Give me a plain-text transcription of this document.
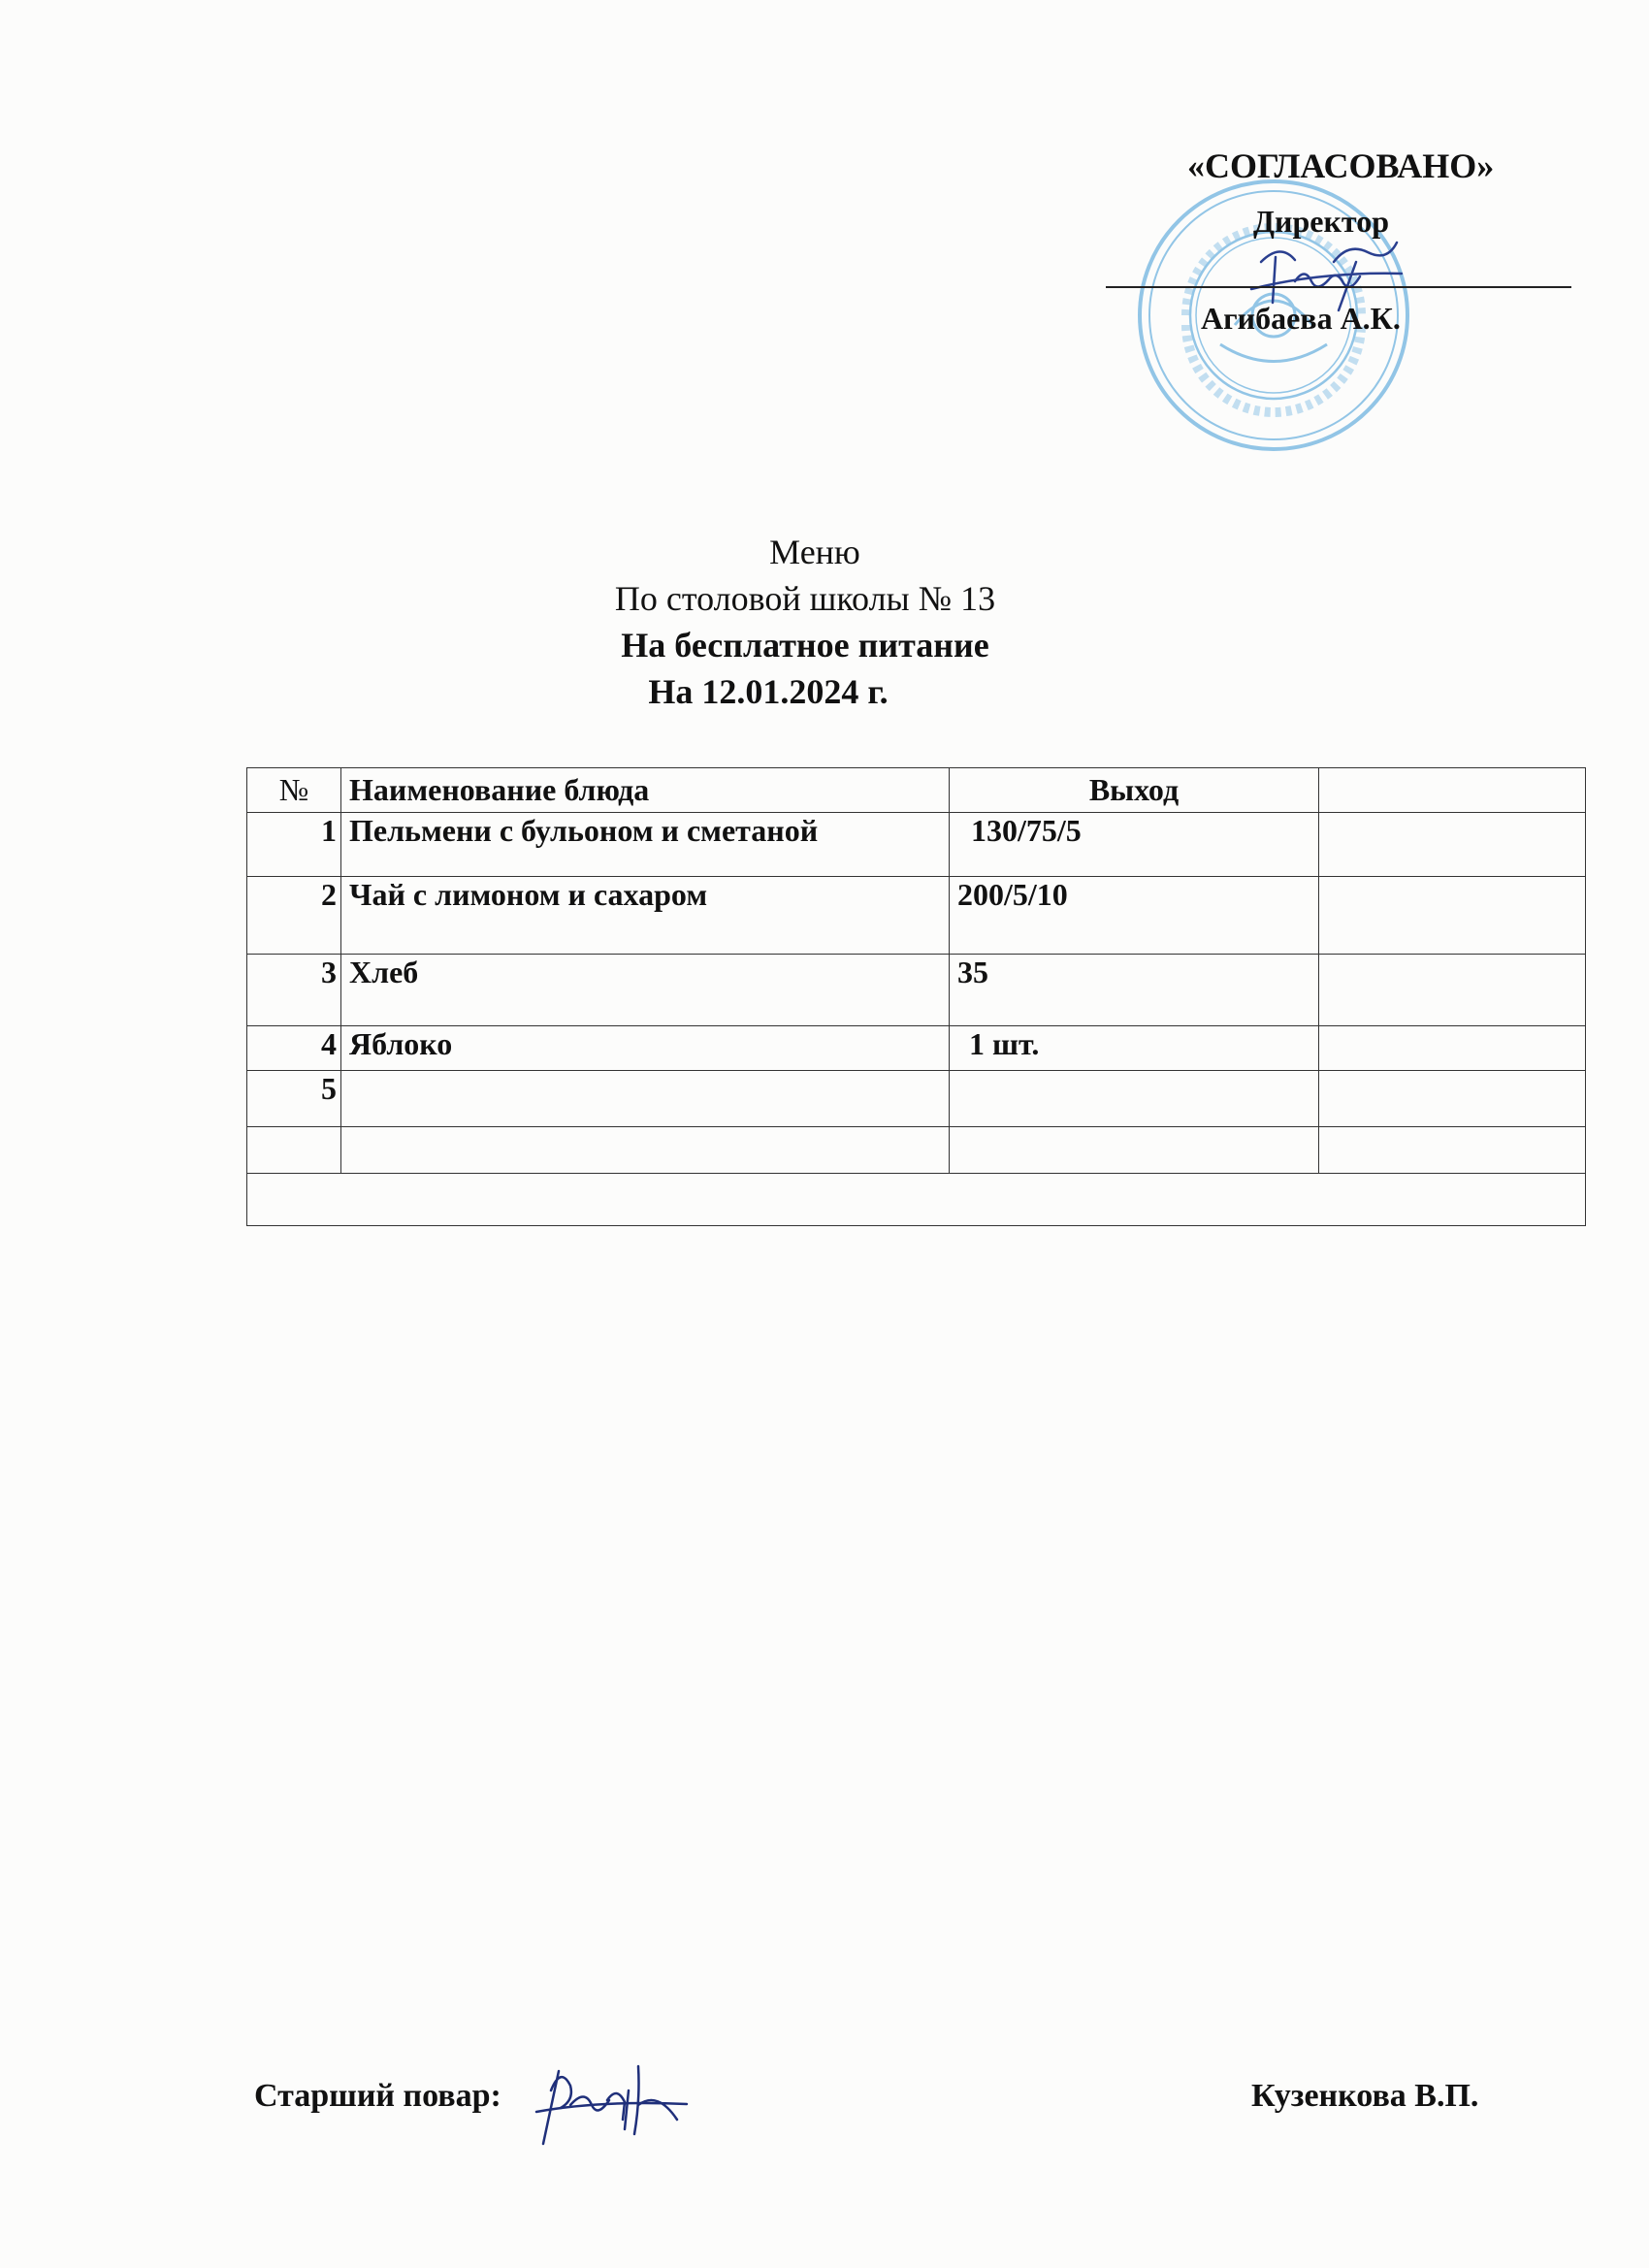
«СОГЛАСОВАНО»
Директор
Агибаева А.К.
Меню
По столовой школы № 13
На бесплатное питание
На 12.01.2024 г.
№	Наименование блюда	Выход	
1	Пельмени с бульоном и сметаной	130/75/5	
2	Чай с лимоном и сахаром	200/5/10	
3	Хлеб	35	
4	Яблоко	1 шт.	
5			

Старший повар:	Кузенкова В.П.
